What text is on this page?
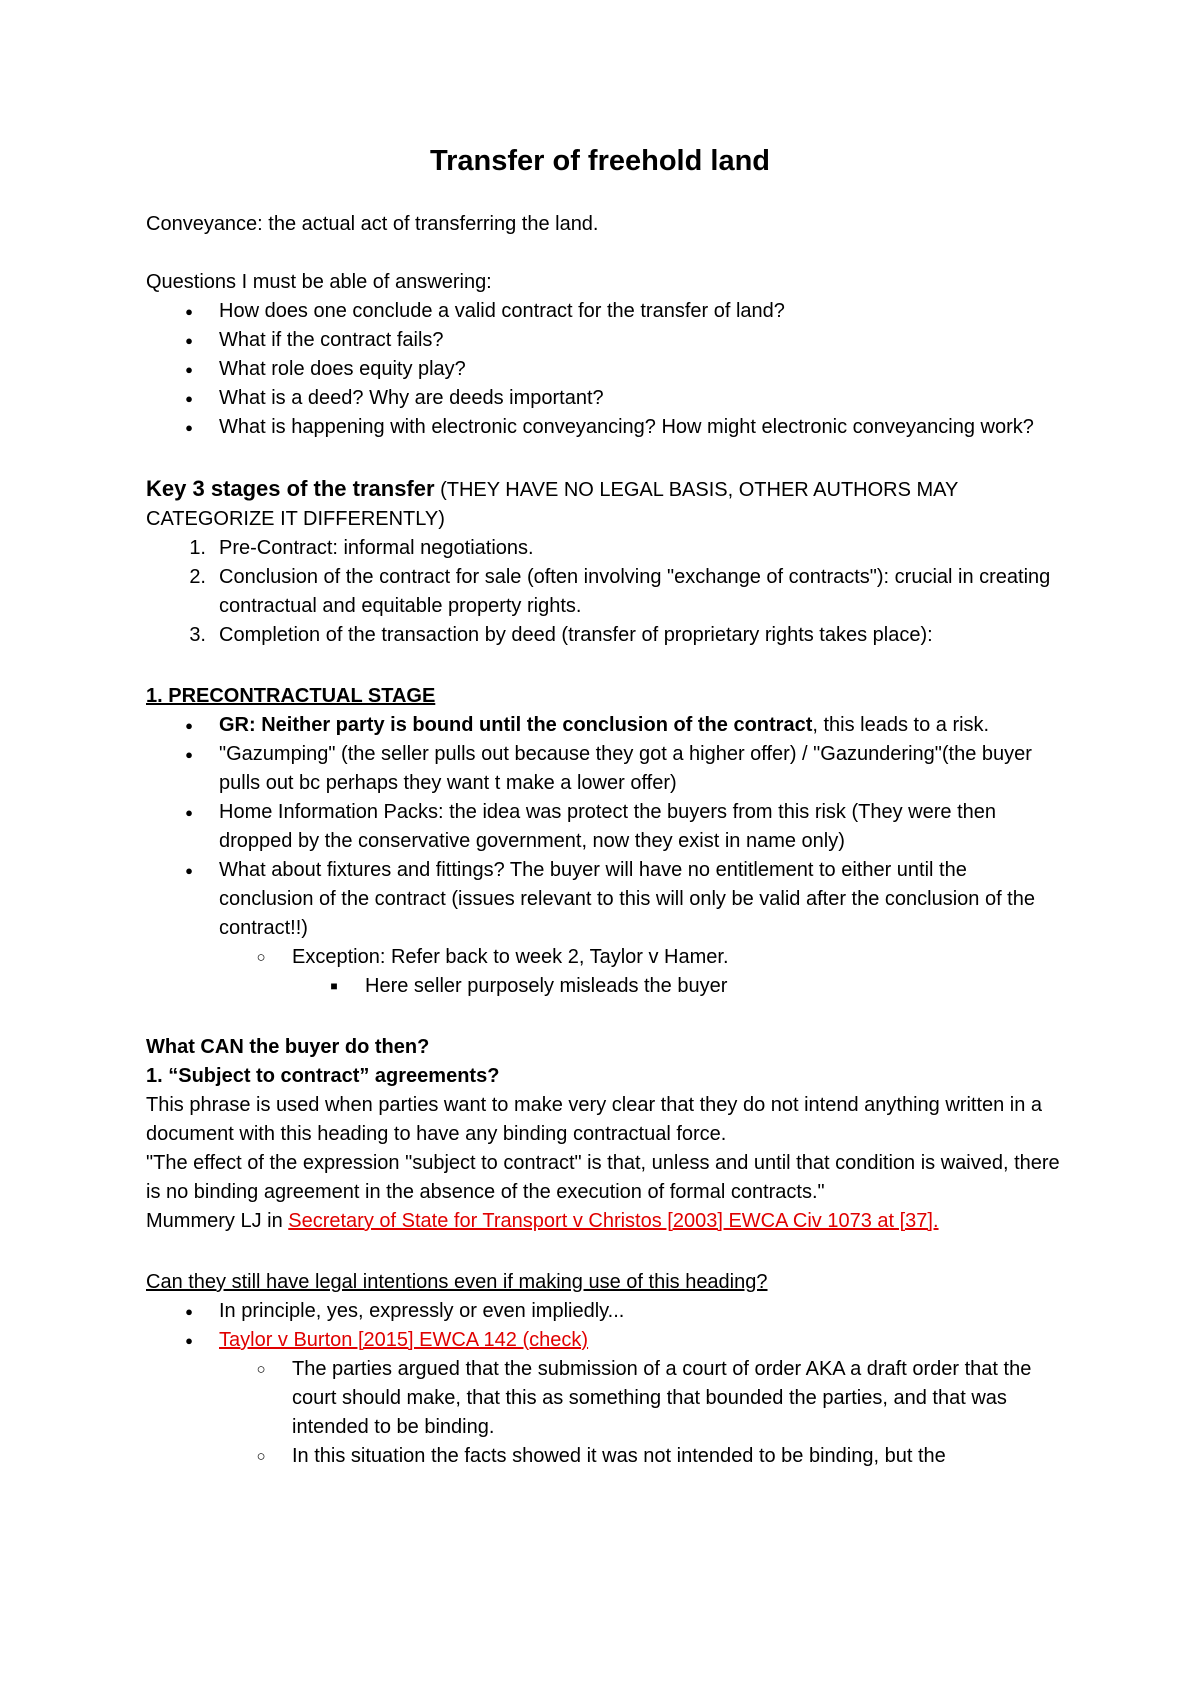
Transfer of freehold land

Conveyance: the actual act of transferring the land.

Questions I must be able of answering:

●
How does one conclude a valid contract for the transfer of land?
●
What if the contract fails?
●
What role does equity play?
●
What is a deed? Why are deeds important?
●
What is happening with electronic conveyancing? How might electronic conveyancing work?

Key 3 stages of the transfer (THEY HAVE NO LEGAL BASIS, OTHER AUTHORS MAY CATEGORIZE IT DIFFERENTLY)

1. Pre-Contract: informal negotiations.
2. Conclusion of the contract for sale (often involving "exchange of contracts"): crucial in creating contractual and equitable property rights.
3. Completion of the transaction by deed (transfer of proprietary rights takes place):

1. PRECONTRACTUAL STAGE

●
GR: Neither party is bound until the conclusion of the contract, this leads to a risk.
●
"Gazumping" (the seller pulls out because they got a higher offer) / "Gazundering"(the buyer pulls out bc perhaps they want t make a lower offer)
●
Home Information Packs: the idea was protect the buyers from this risk (They were then dropped by the conservative government, now they exist in name only)
●
What about fixtures and fittings? The buyer will have no entitlement to either until the conclusion of the contract (issues relevant to this will only be valid after the conclusion of the contract!!)
○
Exception: Refer back to week 2, Taylor v Hamer.
■
Here seller purposely misleads the buyer

What CAN the buyer do then?

1. “Subject to contract” agreements?

This phrase is used when parties want to make very clear that they do not intend anything written in a document with this heading to have any binding contractual force.

"The effect of the expression "subject to contract" is that, unless and until that condition is waived, there is no binding agreement in the absence of the execution of formal contracts."

Mummery LJ in Secretary of State for Transport v Christos [2003] EWCA Civ 1073 at [37].

Can they still have legal intentions even if making use of this heading?

●
In principle, yes, expressly or even impliedly...
●
Taylor v Burton [2015] EWCA 142 (check)
○
The parties argued that the submission of a court of order AKA a draft order that the court should make, that this as something that bounded the parties, and that was intended to be binding.
○
In this situation the facts showed it was not intended to be binding, but the
